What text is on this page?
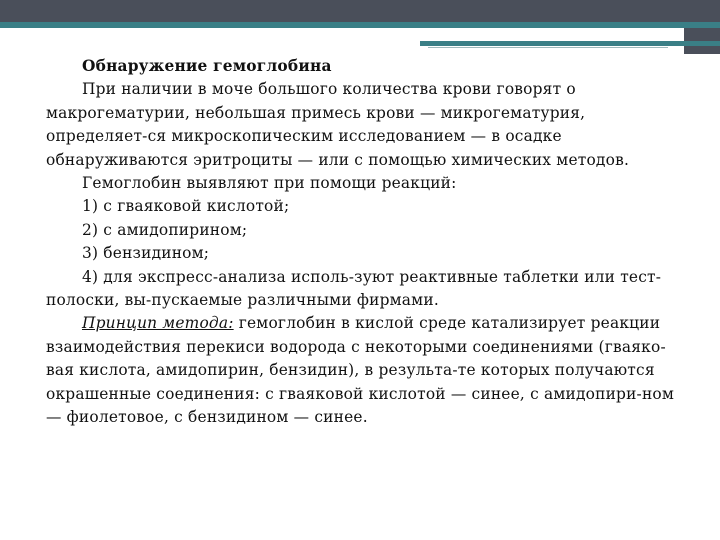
Обнаружение гемоглобина

При наличии в моче большого количества крови говорят о макрогематурии, небольшая примесь крови — микрогематурия, определяет-ся микроскопическим исследованием — в осадке обнаруживаются эритроциты — или с помощью химических методов.

Гемоглобин выявляют при помощи реакций:

1) с гваяковой кислотой;

2) с амидопирином;

3) бензидином;

4) для экспресс-анализа исполь-зуют реактивные таблетки или тест-полоски, вы-пускаемые различными фирмами.

Принцип метода: гемоглобин в кислой среде катализирует реакции взаимодействия перекиси водорода с некоторыми соединениями (гваяко-вая кислота, амидопирин, бензидин), в результа-те которых получаются окрашенные соединения: с гваяковой кислотой — синее, с амидопири-ном — фиолетовое, с бензидином — синее.
